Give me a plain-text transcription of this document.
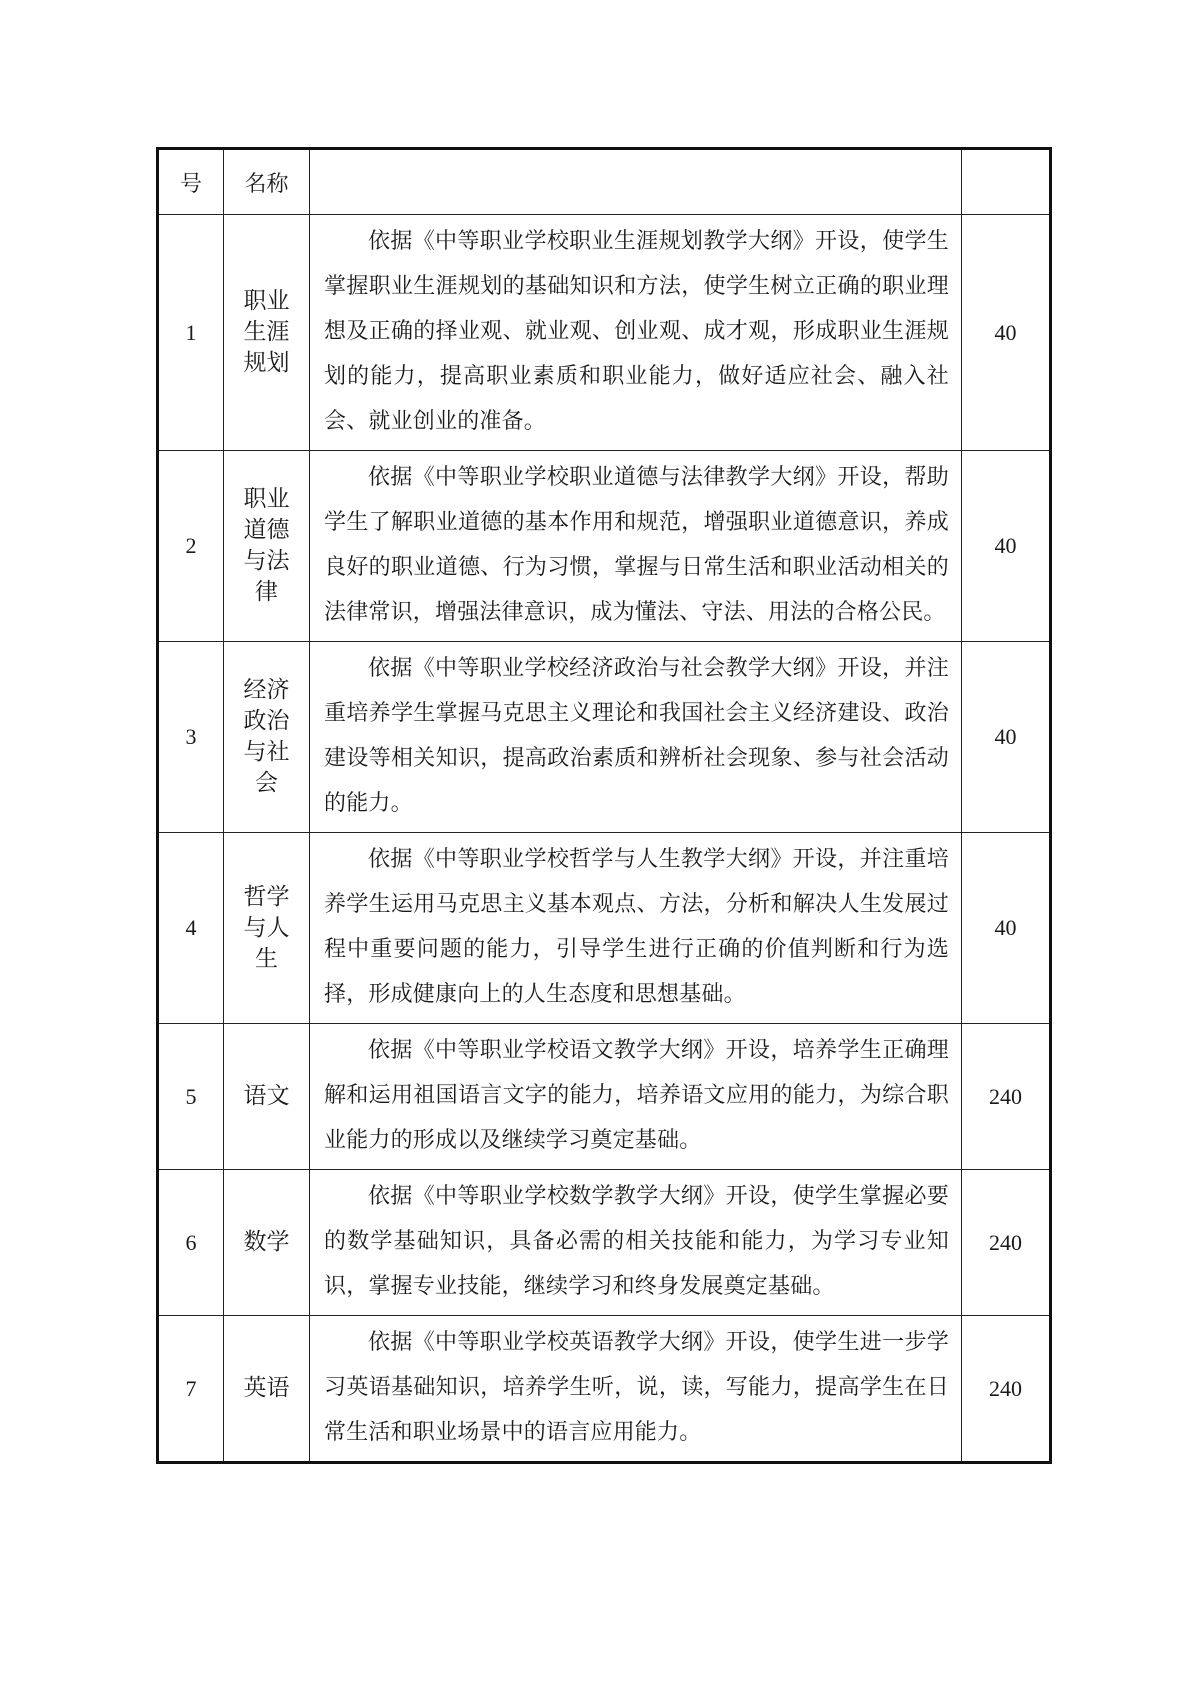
号	名称		
1	职业生涯规划	依据《中等职业学校职业生涯规划教学大纲》开设，使学生掌握职业生涯规划的基础知识和方法，使学生树立正确的职业理想及正确的择业观、就业观、创业观、成才观，形成职业生涯规划的能力，提高职业素质和职业能力，做好适应社会、融入社会、就业创业的准备。	40
2	职业道德与法律	依据《中等职业学校职业道德与法律教学大纲》开设，帮助学生了解职业道德的基本作用和规范，增强职业道德意识，养成良好的职业道德、行为习惯，掌握与日常生活和职业活动相关的法律常识，增强法律意识，成为懂法、守法、用法的合格公民。	40
3	经济政治与社会	依据《中等职业学校经济政治与社会教学大纲》开设，并注重培养学生掌握马克思主义理论和我国社会主义经济建设、政治建设等相关知识，提高政治素质和辨析社会现象、参与社会活动的能力。	40
4	哲学与人生	依据《中等职业学校哲学与人生教学大纲》开设，并注重培养学生运用马克思主义基本观点、方法，分析和解决人生发展过程中重要问题的能力，引导学生进行正确的价值判断和行为选择，形成健康向上的人生态度和思想基础。	40
5	语文	依据《中等职业学校语文教学大纲》开设，培养学生正确理解和运用祖国语言文字的能力，培养语文应用的能力，为综合职业能力的形成以及继续学习奠定基础。	240
6	数学	依据《中等职业学校数学教学大纲》开设，使学生掌握必要的数学基础知识，具备必需的相关技能和能力，为学习专业知识，掌握专业技能，继续学习和终身发展奠定基础。	240
7	英语	依据《中等职业学校英语教学大纲》开设，使学生进一步学习英语基础知识，培养学生听，说，读，写能力，提高学生在日常生活和职业场景中的语言应用能力。	240
